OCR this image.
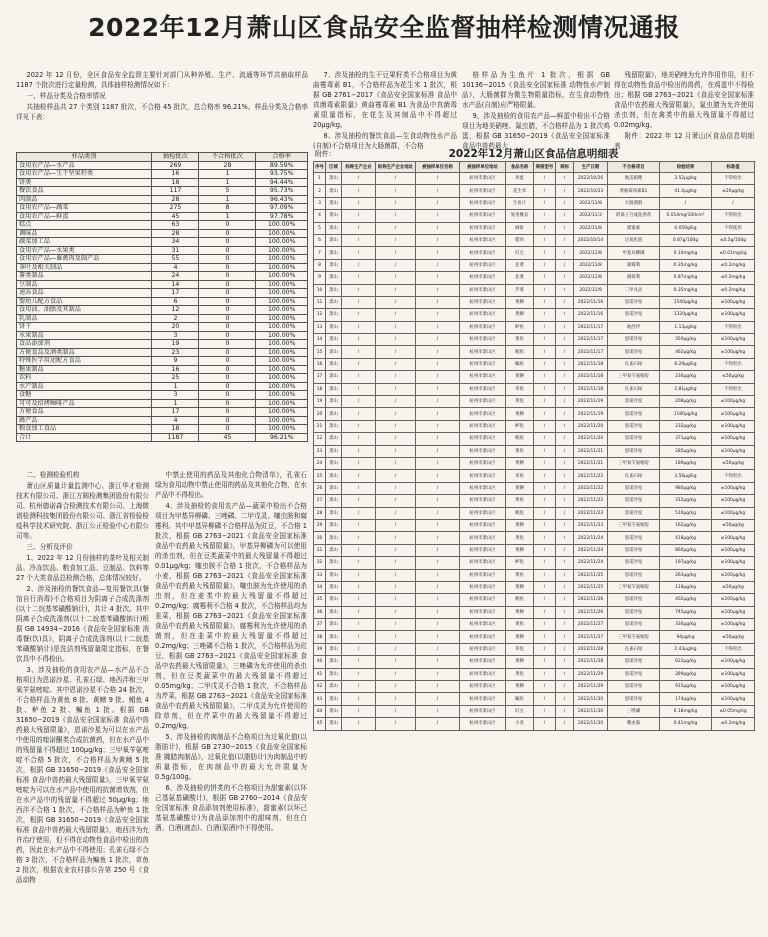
2022年12月萧山区食品安全监督抽样检测情况通报

2022 年 12 月份，全区食品安全监督主要针对部门从种养殖、生产、流通等环节共抽取样品 1187 个批次进行定量检测，具体抽样检测情况如下：

一、样品分类及合格率情况

共抽检样品共 27 个类别 1187 批次，不合格 45 批次，总合格率 96.21%。样品分类及合格率详见下表：

样品类别	抽检批次	不合格批次	合格率
食用农产品—水产品	269	28	89.59%
食用农产品—生干坚果籽类	16	1	93.75%
饼类	18	1	94.44%
餐饮食品	117	5	95.73%
肉制品	28	1	96.43%
食用农产品—蔬菜	275	8	97.09%
食用农产品—鲜蛋	45	1	97.78%
糕点	63	0	100.00%
调味品	28	0	100.00%
蔬菜加工品	34	0	100.00%
食用农产品—水果类	31	0	100.00%
食用农产品—畜禽肉及副产品	55	0	100.00%
茶叶及相关制品	4	0	100.00%
薯类制品	24	0	100.00%
豆制品	14	0	100.00%
速冻食品	17	0	100.00%
婴幼儿配方食品	6	0	100.00%
食用油、油脂及其制品	12	0	100.00%
乳制品	2	0	100.00%
饼干	20	0	100.00%
水果制品	3	0	100.00%
食品添加剂	19	0	100.00%
方便食品及酒类制品	23	0	100.00%
特殊医学用途配方食品	9	0	100.00%
糖果制品	16	0	100.00%
饮料	25	0	100.00%
水产制品	1	0	100.00%
食糖	3	0	100.00%
可可及焙烤咖啡产品	1	0	100.00%
方便食品	17	0	100.00%
蜂产品	4	0	100.00%
粮食加工食品	18	0	100.00%
合计	1187	45	96.21%

7、涉及抽检的生干豆果籽类不合格项目为黄曲霉毒素 B1，不合格样品为花生米 1 批次，根据 GB 2761−2017《食品安全国家标准 食品中真菌毒素限量》黄曲霉毒素 B1 为食品中真菌毒素限量指标，在花生及其制品中不得超过 20μg/kg。

8、涉及抽检的餐饮食品—生食动物性水产品(自制)不合格项目为大肠菌群，不合格

格样品为生鱼片 1 批次，根据 GB 10136−2015《食品安全国家标准 动物性水产制品》，大肠菌群为微生物限量指标，在生食动物性水产品(自制)应严格限量。

9、涉及抽检的食用农产品—鲜蛋中检出不合格项目为地美硝唑、氟虫腈，不合格样品为 1 批次鸡蛋，根据 GB 31650−2019《食品安全国家标准 食品中兽药最大

残留限量》，地美硝唑为允许作用作用，但不得在动物性食品中检出的兽药，在鸡蛋中不得检出；根据 GB 2763−2021《食品安全国家标准 食品中农药最大残留限量》，氟虫腈为允许使用杀虫剂，但在禽类中的最大残留量不得超过 0.02mg/kg。

附件：2022 年 12 月萧山区食品信息明细表

附件：	2022年12月萧山区食品信息明细表
序号	区域	标称生产企业	标称生产企业地址	被抽样单位名称	被抽样单位地址	食品名称	规格型号	商标	生产日期	不合格项目	检验结果	标准值
1	萧山	/	/	/	杭州市萧山区	鸡蛋	/	/	2022/10/26	地美硝唑	3.52μg/kg	不得检出
2	萧山	/	/	/	杭州市萧山区	花生米	/	/	2022/10/23	黄曲霉毒素B1	41.0μg/kg	≤20μg/kg
3	萧山	/	/	/	杭州市萧山区	生鱼片	/	/	2022/11/8	大肠菌群	/	/
4	萧山	/	/	/	杭州市萧山区	复用餐具	/	/	2022/11/3	阴离子合成洗涤剂	0.014mg/100cm²	不得检出
5	萧山	/	/	/	杭州市萧山区	麻饼	/	/	2022/11/8	甜蜜素	0.059g/kg	不得使用
6	萧山	/	/	/	杭州市萧山区	腊肉	/	/	2022/10/14	过氧化值	0.87g/100g	≤0.5g/100g
7	萧山	/	/	/	杭州市萧山区	豇豆	/	/	2022/11/8	甲基异柳磷	0.14mg/kg	≤0.01mg/kg
8	萧山	/	/	/	杭州市萧山区	韭菜	/	/	2022/11/8	腐霉利	0.35mg/kg	≤0.2mg/kg
9	萧山	/	/	/	杭州市萧山区	韭菜	/	/	2022/11/8	腐霉利	0.87mg/kg	≤0.2mg/kg
10	萧山	/	/	/	杭州市萧山区	芹菜	/	/	2022/11/9	二甲戊灵	0.35mg/kg	≤0.2mg/kg
11	萧山	/	/	/	杭州市萧山区	黄鳝	/	/	2022/11/16	恩诺沙星	1540μg/kg	≤100μg/kg
12	萧山	/	/	/	杭州市萧山区	黄鳝	/	/	2022/11/16	恩诺沙星	1320μg/kg	≤100μg/kg
13	萧山	/	/	/	杭州市萧山区	鲈鱼	/	/	2022/11/17	地西泮	1.13μg/kg	不得检出
14	萧山	/	/	/	杭州市萧山区	黄鱼	/	/	2022/11/17	恩诺沙星	350μg/kg	≤100μg/kg
15	萧山	/	/	/	杭州市萧山区	鲳鱼	/	/	2022/11/17	恩诺沙星	462μg/kg	≤100μg/kg
16	萧山	/	/	/	杭州市萧山区	鳊鱼	/	/	2022/11/18	孔雀石绿	8.29μg/kg	不得检出
17	萧山	/	/	/	杭州市萧山区	黄鳝	/	/	2022/11/18	三甲氧苄氨嘧啶	236μg/kg	≤50μg/kg
18	萧山	/	/	/	杭州市萧山区	草鱼	/	/	2022/11/18	孔雀石绿	2.81μg/kg	不得检出
19	萧山	/	/	/	杭州市萧山区	黄鱼	/	/	2022/11/19	恩诺沙星	208μg/kg	≤100μg/kg
20	萧山	/	/	/	杭州市萧山区	黄鳝	/	/	2022/11/19	恩诺沙星	1180μg/kg	≤100μg/kg
21	萧山	/	/	/	杭州市萧山区	鲈鱼	/	/	2022/11/20	恩诺沙星	232μg/kg	≤100μg/kg
22	萧山	/	/	/	杭州市萧山区	鲳鱼	/	/	2022/11/20	恩诺沙星	371μg/kg	≤100μg/kg
23	萧山	/	/	/	杭州市萧山区	黄鱼	/	/	2022/11/21	恩诺沙星	285μg/kg	≤100μg/kg
24	萧山	/	/	/	杭州市萧山区	黄鳝	/	/	2022/11/21	三甲氧苄氨嘧啶	189μg/kg	≤50μg/kg
25	萧山	/	/	/	杭州市萧山区	草鱼	/	/	2022/11/22	孔雀石绿	3.56μg/kg	不得检出
26	萧山	/	/	/	杭州市萧山区	黄鳝	/	/	2022/11/22	恩诺沙星	980μg/kg	≤100μg/kg
27	萧山	/	/	/	杭州市萧山区	黄鱼	/	/	2022/11/22	恩诺沙星	312μg/kg	≤100μg/kg
28	萧山	/	/	/	杭州市萧山区	鲳鱼	/	/	2022/11/23	恩诺沙星	516μg/kg	≤100μg/kg
29	萧山	/	/	/	杭州市萧山区	黄鳝	/	/	2022/11/23	三甲氧苄氨嘧啶	162μg/kg	≤50μg/kg
30	萧山	/	/	/	杭州市萧山区	黄鱼	/	/	2022/11/24	恩诺沙星	418μg/kg	≤100μg/kg
31	萧山	/	/	/	杭州市萧山区	黄鳝	/	/	2022/11/24	恩诺沙星	860μg/kg	≤100μg/kg
32	萧山	/	/	/	杭州市萧山区	鲈鱼	/	/	2022/11/24	恩诺沙星	197μg/kg	≤100μg/kg
33	萧山	/	/	/	杭州市萧山区	黄鱼	/	/	2022/11/25	恩诺沙星	263μg/kg	≤100μg/kg
34	萧山	/	/	/	杭州市萧山区	黄鳝	/	/	2022/11/25	三甲氧苄氨嘧啶	118μg/kg	≤50μg/kg
35	萧山	/	/	/	杭州市萧山区	鲳鱼	/	/	2022/11/26	恩诺沙星	402μg/kg	≤100μg/kg
36	萧山	/	/	/	杭州市萧山区	黄鳝	/	/	2022/11/26	恩诺沙星	745μg/kg	≤100μg/kg
37	萧山	/	/	/	杭州市萧山区	黄鱼	/	/	2022/11/27	恩诺沙星	336μg/kg	≤100μg/kg
38	萧山	/	/	/	杭州市萧山区	黄鳝	/	/	2022/11/27	三甲氧苄氨嘧啶	94μg/kg	≤50μg/kg
39	萧山	/	/	/	杭州市萧山区	草鱼	/	/	2022/11/28	孔雀石绿	2.43μg/kg	不得检出
40	萧山	/	/	/	杭州市萧山区	黄鳝	/	/	2022/11/28	恩诺沙星	622μg/kg	≤100μg/kg
41	萧山	/	/	/	杭州市萧山区	黄鱼	/	/	2022/11/29	恩诺沙星	289μg/kg	≤100μg/kg
42	萧山	/	/	/	杭州市萧山区	黄鳝	/	/	2022/11/29	恩诺沙星	915μg/kg	≤100μg/kg
43	萧山	/	/	/	杭州市萧山区	鳊鱼	/	/	2022/11/30	恩诺沙星	174μg/kg	≤100μg/kg
44	萧山	/	/	/	杭州市萧山区	豇豆	/	/	2022/11/30	三唑磷	0.18mg/kg	≤0.05mg/kg
45	萧山	/	/	/	杭州市萧山区	小麦	/	/	2022/11/30	噻虫胺	0.41mg/kg	≤0.2mg/kg

二、检测检验机构

萧山区质量计量监测中心、浙江华才检测技术有限公司、浙江方圆检测集团股份有限公司、杭州德诺森合检测技术有限公司、上海微谱检测科技集团股份有限公司、浙江省检验检疫科学技术研究院、浙江公正检验中心有限公司等。

三、分析及评价

1、2022 年 12 月份抽样的茶叶及相关制品、冷冻饮品、粮食加工品、豆制品、饮料等 27 个大类食品总检测合格，总体情况较好。

2、涉及抽检的餐饮食品—复用餐饮具(餐馆自行消毒)不合格项目为阴离子合成洗涤剂(以十二烷基苯磺酸钠计)，共计 4 批次。其中阴离子合成洗涤剂(以十二烷基苯磺酸钠计)根据 GB 14934−2016《食品安全国家标准 消毒餐(饮)具》，阴离子合成洗涤剂(以十二烷基苯磺酸钠计)是洗洁剂残留量限定指标，在餐饮具中不得检出。

3、涉及抽检的食用农产品—水产品不合格项目为恩诺沙星、孔雀石绿、地西泮和三甲氧苄氨嘧啶。其中恩诺沙星不合格 24 批次，不合格样品为黄鱼 8 批、黄鳝 9 批、鲳鱼 4 批、鲈鱼 2 批、鳊鱼 1 批。根据 GB 31650−2019《食品安全国家标准 食品中兽药最大残留限量》，恩诺沙星为可以在水产品中使用的喹诺酮类合成抗菌药，但在水产品中的残留量不得超过 100μg/kg；三甲氧苄氨嘧啶不合格 5 批次，不合格样品为黄鳝 5 批次，根据 GB 31650−2019《食品安全国家标准 食品中兽药最大残留限量》，三甲氧苄氨嘧啶为可以在水产品中使用的抗菌增效剂，但在水产品中的残留量不得超过 50μg/kg；地西泮不合格 1 批次，不合格样品为鲈鱼 1 批次，根据 GB 31650−2019《食品安全国家标准 食品中兽药最大残留限量》，地西泮为允许治疗使用，但不得在动物性食品中检出的兽药，因此在水产品中不得使用；孔雀石绿不合格 3 批次，不合格样品为鳊鱼 1 批次，草鱼 2 批次，根据农业农村部公告第 250 号《食品动物

中禁止使用的药品及其他化合物清单》，孔雀石绿为食用动物中禁止使用的药品及其他化合物，在水产品中不得检出。

4、涉及抽检的食用农产品—蔬菜中检出不合格项目为甲基异柳磷、三唑磷、二甲戊灵、噻虫胺和腐霉利。其中甲基异柳磷不合格样品为豇豆，不合格 1 批次，根据 GB 2763−2021《食品安全国家标准 食品中农药最大残留限量》，甲基异柳磷为可以使用的杀虫剂，但在豆类蔬菜中的最大残留量不得超过 0.01μg/kg；噻虫胺不合格 1 批次，不合格样品为小麦，根据 GB 2763−2021《食品安全国家标准 食品中农药最大残留限量》，噻虫胺为允许使用的杀虫剂，但在麦类中的最大残留量不得超过 0.2mg/kg；腐霉利不合格 4 批次，不合格样品均为韭菜，根据 GB 2763−2021《食品安全国家标准 食品中农药最大残留限量》，腐霉利为允许使用的杀菌剂，但在韭菜中的最大残留量不得超过 0.2mg/kg；三唑磷不合格 1 批次，不合格样品为豇豆，根据 GB 2763−2021《食品安全国家标准 食品中农药最大残留限量》，三唑磷为允许使用的杀虫剂，但在豆类蔬菜中的最大残留量不得超过 0.05mg/kg；二甲戊灵不合格 1 批次，不合格样品为芹菜，根据 GB 2763−2021《食品安全国家标准 食品中农药最大残留限量》，二甲戊灵为允许使用的除草剂，但在芹菜中的最大残留量不得超过 0.2mg/kg。

5、涉及抽检的肉制品不合格项目为过氧化值(以脂肪计)，根据 GB 2730−2015《食品安全国家标准 腌腊肉制品》，过氧化值(以脂肪计)为肉制品中的质量指标，在肉制品中的最大允许限量为 0.5g/100g。

6、涉及抽检的饼类的不合格项目为甜蜜素(以环己基氨基磺酸计)，根据 GB 2760−2014《食品安全国家标准 食品添加剂使用标准》，甜蜜素(以环己基氨基磺酸计)为食品添加剂中的甜味剂，但在白酒、白酒(液态)、白酒(原酒)中不得使用。
